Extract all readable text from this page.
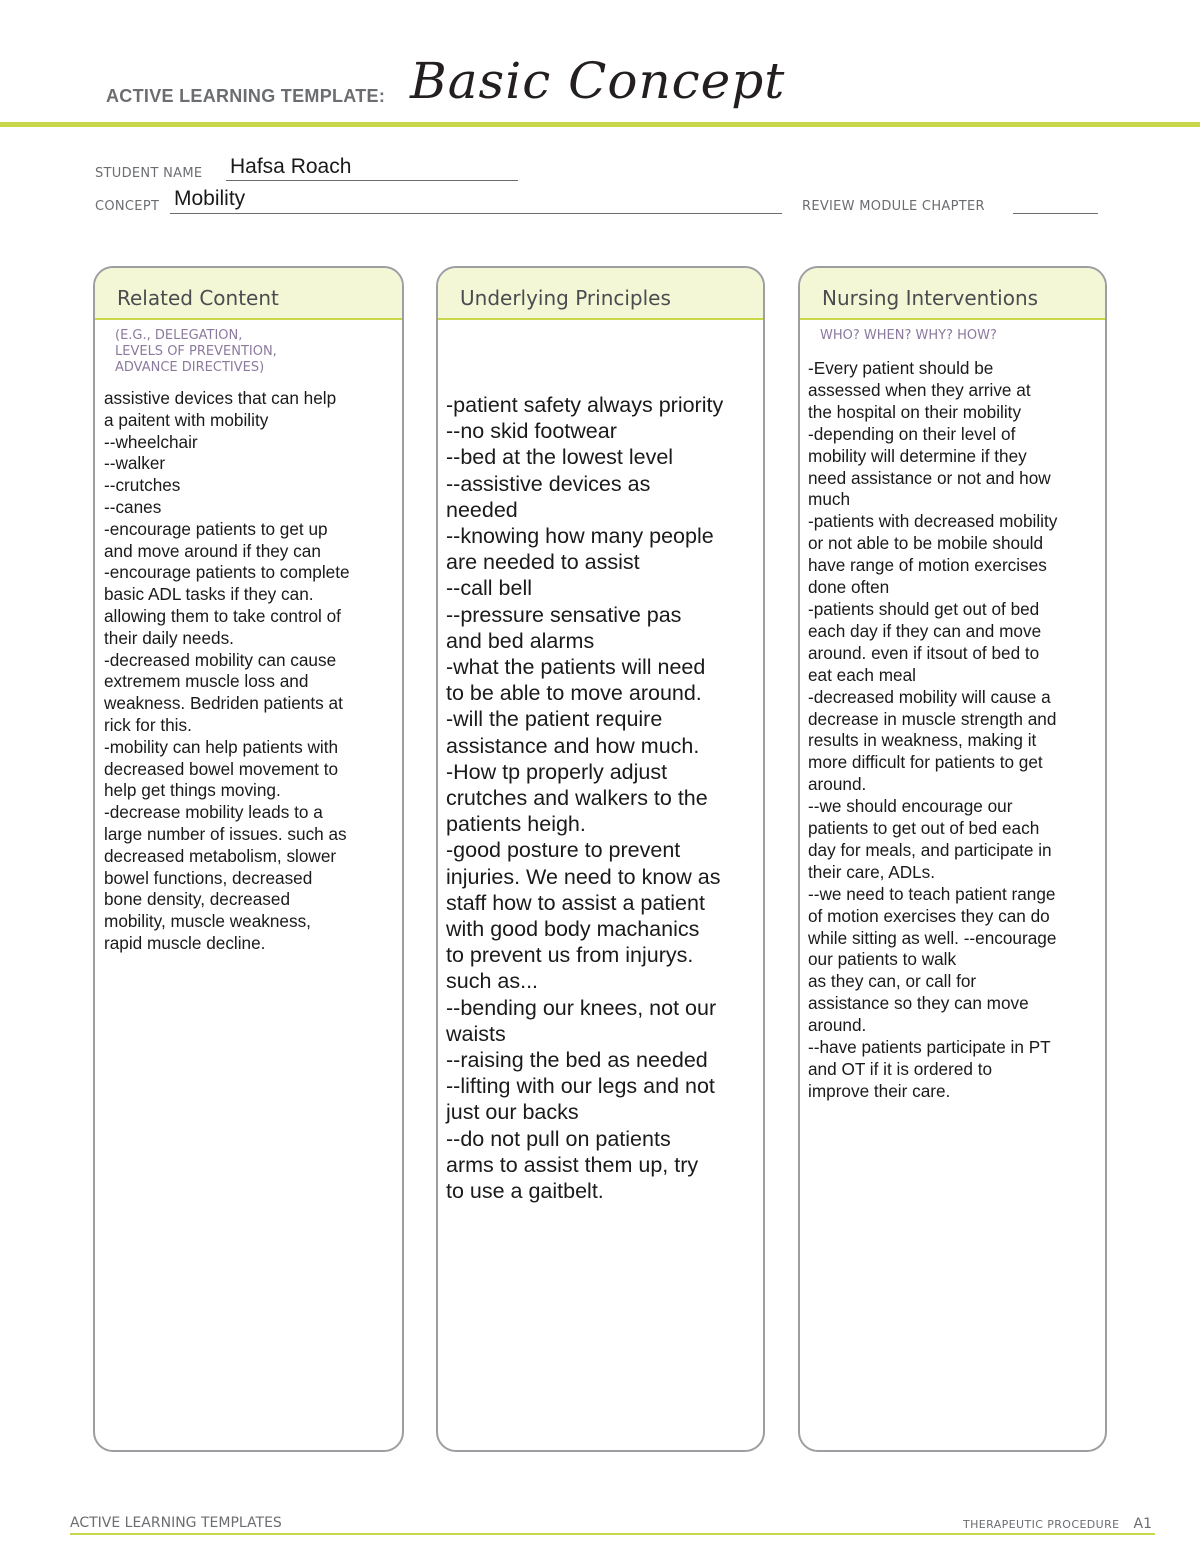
ACTIVE LEARNING TEMPLATE: Basic Concept
STUDENT NAME Hafsa Roach
CONCEPT Mobility	REVIEW MODULE CHAPTER
Related Content
(E.G., DELEGATION,
LEVELS OF PREVENTION,
ADVANCE DIRECTIVES)
assistive devices that can help
a paitent with mobility
--wheelchair
--walker
--crutches
--canes
-encourage patients to get up
and move around if they can
-encourage patients to complete
basic ADL tasks if they can.
allowing them to take control of
their daily needs.
-decreased mobility can cause
extremem muscle loss and
weakness. Bedriden patients at
rick for this.
-mobility can help patients with
decreased bowel movement to
help get things moving.
-decrease mobility leads to a
large number of issues. such as
decreased metabolism, slower
bowel functions, decreased
bone density, decreased
mobility, muscle weakness,
rapid muscle decline.
Underlying Principles
-patient safety always priority
--no skid footwear
--bed at the lowest level
--assistive devices as
needed
--knowing how many people
are needed to assist
--call bell
--pressure sensative pas
and bed alarms
-what the patients will need
to be able to move around.
-will the patient require
assistance and how much.
-How tp properly adjust
crutches and walkers to the
patients heigh.
-good posture to prevent
injuries. We need to know as
staff how to assist a patient
with good body machanics
to prevent us from injurys.
such as...
--bending our knees, not our
waists
--raising the bed as needed
--lifting with our legs and not
just our backs
--do not pull on patients
arms to assist them up, try
to use a gaitbelt.
Nursing Interventions
WHO? WHEN? WHY? HOW?
-Every patient should be
assessed when they arrive at
the hospital on their mobility
-depending on their level of
mobility will determine if they
need assistance or not and how
much
-patients with decreased mobility
or not able to be mobile should
have range of motion exercises
done often
-patients should get out of bed
each day if they can and move
around. even if itsout of bed to
eat each meal
-decreased mobility will cause a
decrease in muscle strength and
results in weakness, making it
more difficult for patients to get
around.
--we should encourage our
patients to get out of bed each
day for meals, and participate in
their care, ADLs.
--we need to teach patient range
of motion exercises they can do
while sitting as well. --encourage
our patients to walk
as they can, or call for
assistance so they can move
around.
--have patients participate in PT
and OT if it is ordered to
improve their care.
ACTIVE LEARNING TEMPLATES	THERAPEUTIC PROCEDURE A1
